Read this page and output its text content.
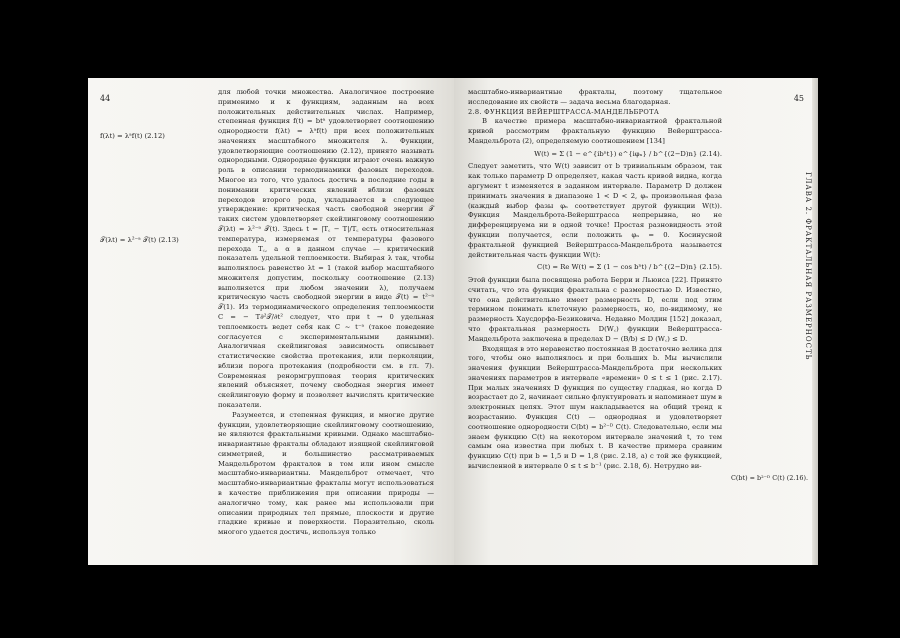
44
f(λt) = λᵃf(t) (2.12)
𝒯(λt) = λ²⁻ᵃ 𝒯(t) (2.13)

для любой точки множества. Аналогичное построение применимо и к функциям, заданным на всех положительных действительных числах. Например, степенная функция f(t) = btᵃ удовлетворяет соотношению однородности f(λt) = λᵃf(t) при всех положительных значениях масштабного множителя λ. Функции, удовлетворяющие соотношению (2.12), принято называть однородными. Однородные функции играют очень важную роль в описании термодинамики фазовых переходов. Многое из того, что удалось достичь в последние годы в понимании критических явлений вблизи фазовых переходов второго рода, укладывается в следующее утверждение: критическая часть свободной энергии 𝒯 таких систем удовлетворяет скейлинговому соотношению 𝒯(λt) = λ²⁻ᵃ 𝒯(t). Здесь t = |T꜀ − T|/T꜀ есть относительная температура, измеряемая от температуры фазового перехода T꜀, а α в данном случае — критический показатель удельной теплоемкости. Выбирая λ так, чтобы выполнялось равенство λt = 1 (такой выбор масштабного множителя допустим, поскольку соотношение (2.13) выполняется при любом значении λ), получаем критическую часть свободной энергии в виде 𝒯(t) = t²⁻ᵃ 𝒯(1). Из термодинамического определения теплоемкости C = − T∂²𝒯/∂t² следует, что при t → 0 удельная теплоемкость ведет себя как C ~ t⁻ᵃ (такое поведение согласуется с экспериментальными данными). Аналогичная скейлинговая зависимость описывает статистические свойства протекания, или перколяции, вблизи порога протекания (подробности см. в гл. 7). Современная ренормгрупповая теория критических явлений объясняет, почему свободная энергия имеет скейлинговую форму и позволяет вычислять критические показатели.

Разумеется, и степенная функция, и многие другие функции, удовлетворяющие скейлинговому соотношению, не являются фрактальными кривыми. Однако масштабно-инвариантные фракталы обладают изящной скейлинговой симметрией, и большинство рассматриваемых Мандельбротом фракталов в том или ином смысле масштабно-инвариантны. Мандельброт отмечает, что масштабно-инвариантные фракталы могут использоваться в качестве приближения при описании природы — аналогично тому, как ранее мы использовали при описании природных тел прямые, плоскости и другие гладкие кривые и поверхности. Поразительно, сколь многого удается достичь, используя только

45
ГЛАВА 2. ФРАКТАЛЬНАЯ РАЗМЕРНОСТЬ

масштабно-инвариантные фракталы, поэтому тщательное исследование их свойств — задача весьма благодарная.

2.8. ФУНКЦИЯ ВЕЙЕРШТРАССА-МАНДЕЛЬБРОТА

В качестве примера масштабно-инвариантной фрактальной кривой рассмотрим фрактальную функцию Вейерштрасса-Мандельброта (2), определяемую соотношением [134]

W(t) = Σ (1 − e^{ibⁿt}) e^{iφₙ} / b^{(2−D)n} (2.14).

Следует заметить, что W(t) зависит от b тривиальным образом, так как только параметр D определяет, какая часть кривой видна, когда аргумент t изменяется в заданном интервале. Параметр D должен принимать значения в диапазоне 1 < D < 2, φₙ произвольная фаза (каждый выбор фазы φₙ соответствует другой функции W(t)). Функция Мандельброта-Вейерштрасса непрерывна, но не дифференцируема ни в одной точке! Простая разновидность этой функции получается, если положить φₙ = 0. Косинусной фрактальной функцией Вейерштрасса-Мандельброта называется действительная часть функции W(t):

C(t) = Re W(t) = Σ (1 − cos bⁿt) / b^{(2−D)n} (2.15).

Этой функции была посвящена работа Берри и Льюиса [22]. Принято считать, что эта функция фрактальна с размерностью D. Известно, что она действительно имеет размерность D, если под этим термином понимать клеточную размерность, но, по-видимому, не размерность Хаусдорфа-Безиковича. Недавно Молдин [152] доказал, что фрактальная размерность D(W꜀) функции Вейерштрасса-Мандельброта заключена в пределах D − (B/b) ≤ D (W꜀) ≤ D.

Входящая в это неравенство постоянная B достаточно велика для того, чтобы оно выполнялось и при больших b. Мы вычислили значения функции Вейерштрасса-Мандельброта при нескольких значениях параметров в интервале «времени» 0 ≤ t ≤ 1 (рис. 2.17). При малых значениях D функция по существу гладкая, но когда D возрастает до 2, начинает сильно флуктуировать и напоминает шум в электронных цепях. Этот шум накладывается на общий тренд к возрастанию. Функция C(t) — однородная и удовлетворяет соотношение однородности C(bt) = b²⁻ᴰ C(t). Следовательно, если мы знаем функцию C(t) на некотором интервале значений t, то тем самым она известна при любых t. В качестве примера сравним функцию C(t) при b = 1,5 и D = 1,8 (рис. 2.18, a) с той же функцией, вычисленной в интервале 0 ≤ t ≤ b⁻¹ (рис. 2.18, б). Нетрудно ви-

C(bt) = b²⁻ᴰ C(t) (2.16).
